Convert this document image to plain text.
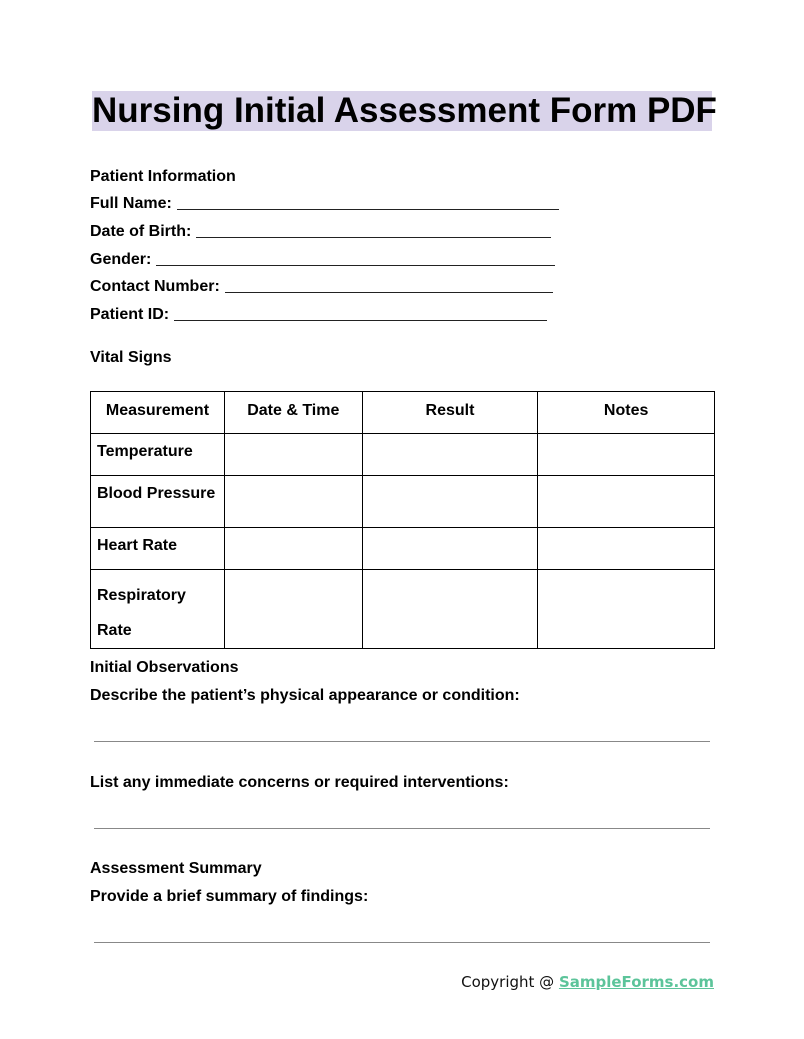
Nursing Initial Assessment Form PDF
Patient Information
Full Name:
Date of Birth:
Gender:
Contact Number:
Patient ID:
Vital Signs
Measurement	Date & Time	Result	Notes

Temperature			

Blood Pressure			

Heart Rate			

Respiratory
Rate			

Initial Observations
Describe the patient’s physical appearance or condition:
List any immediate concerns or required interventions:
Assessment Summary
Provide a brief summary of findings:
Copyright @ SampleForms.com
